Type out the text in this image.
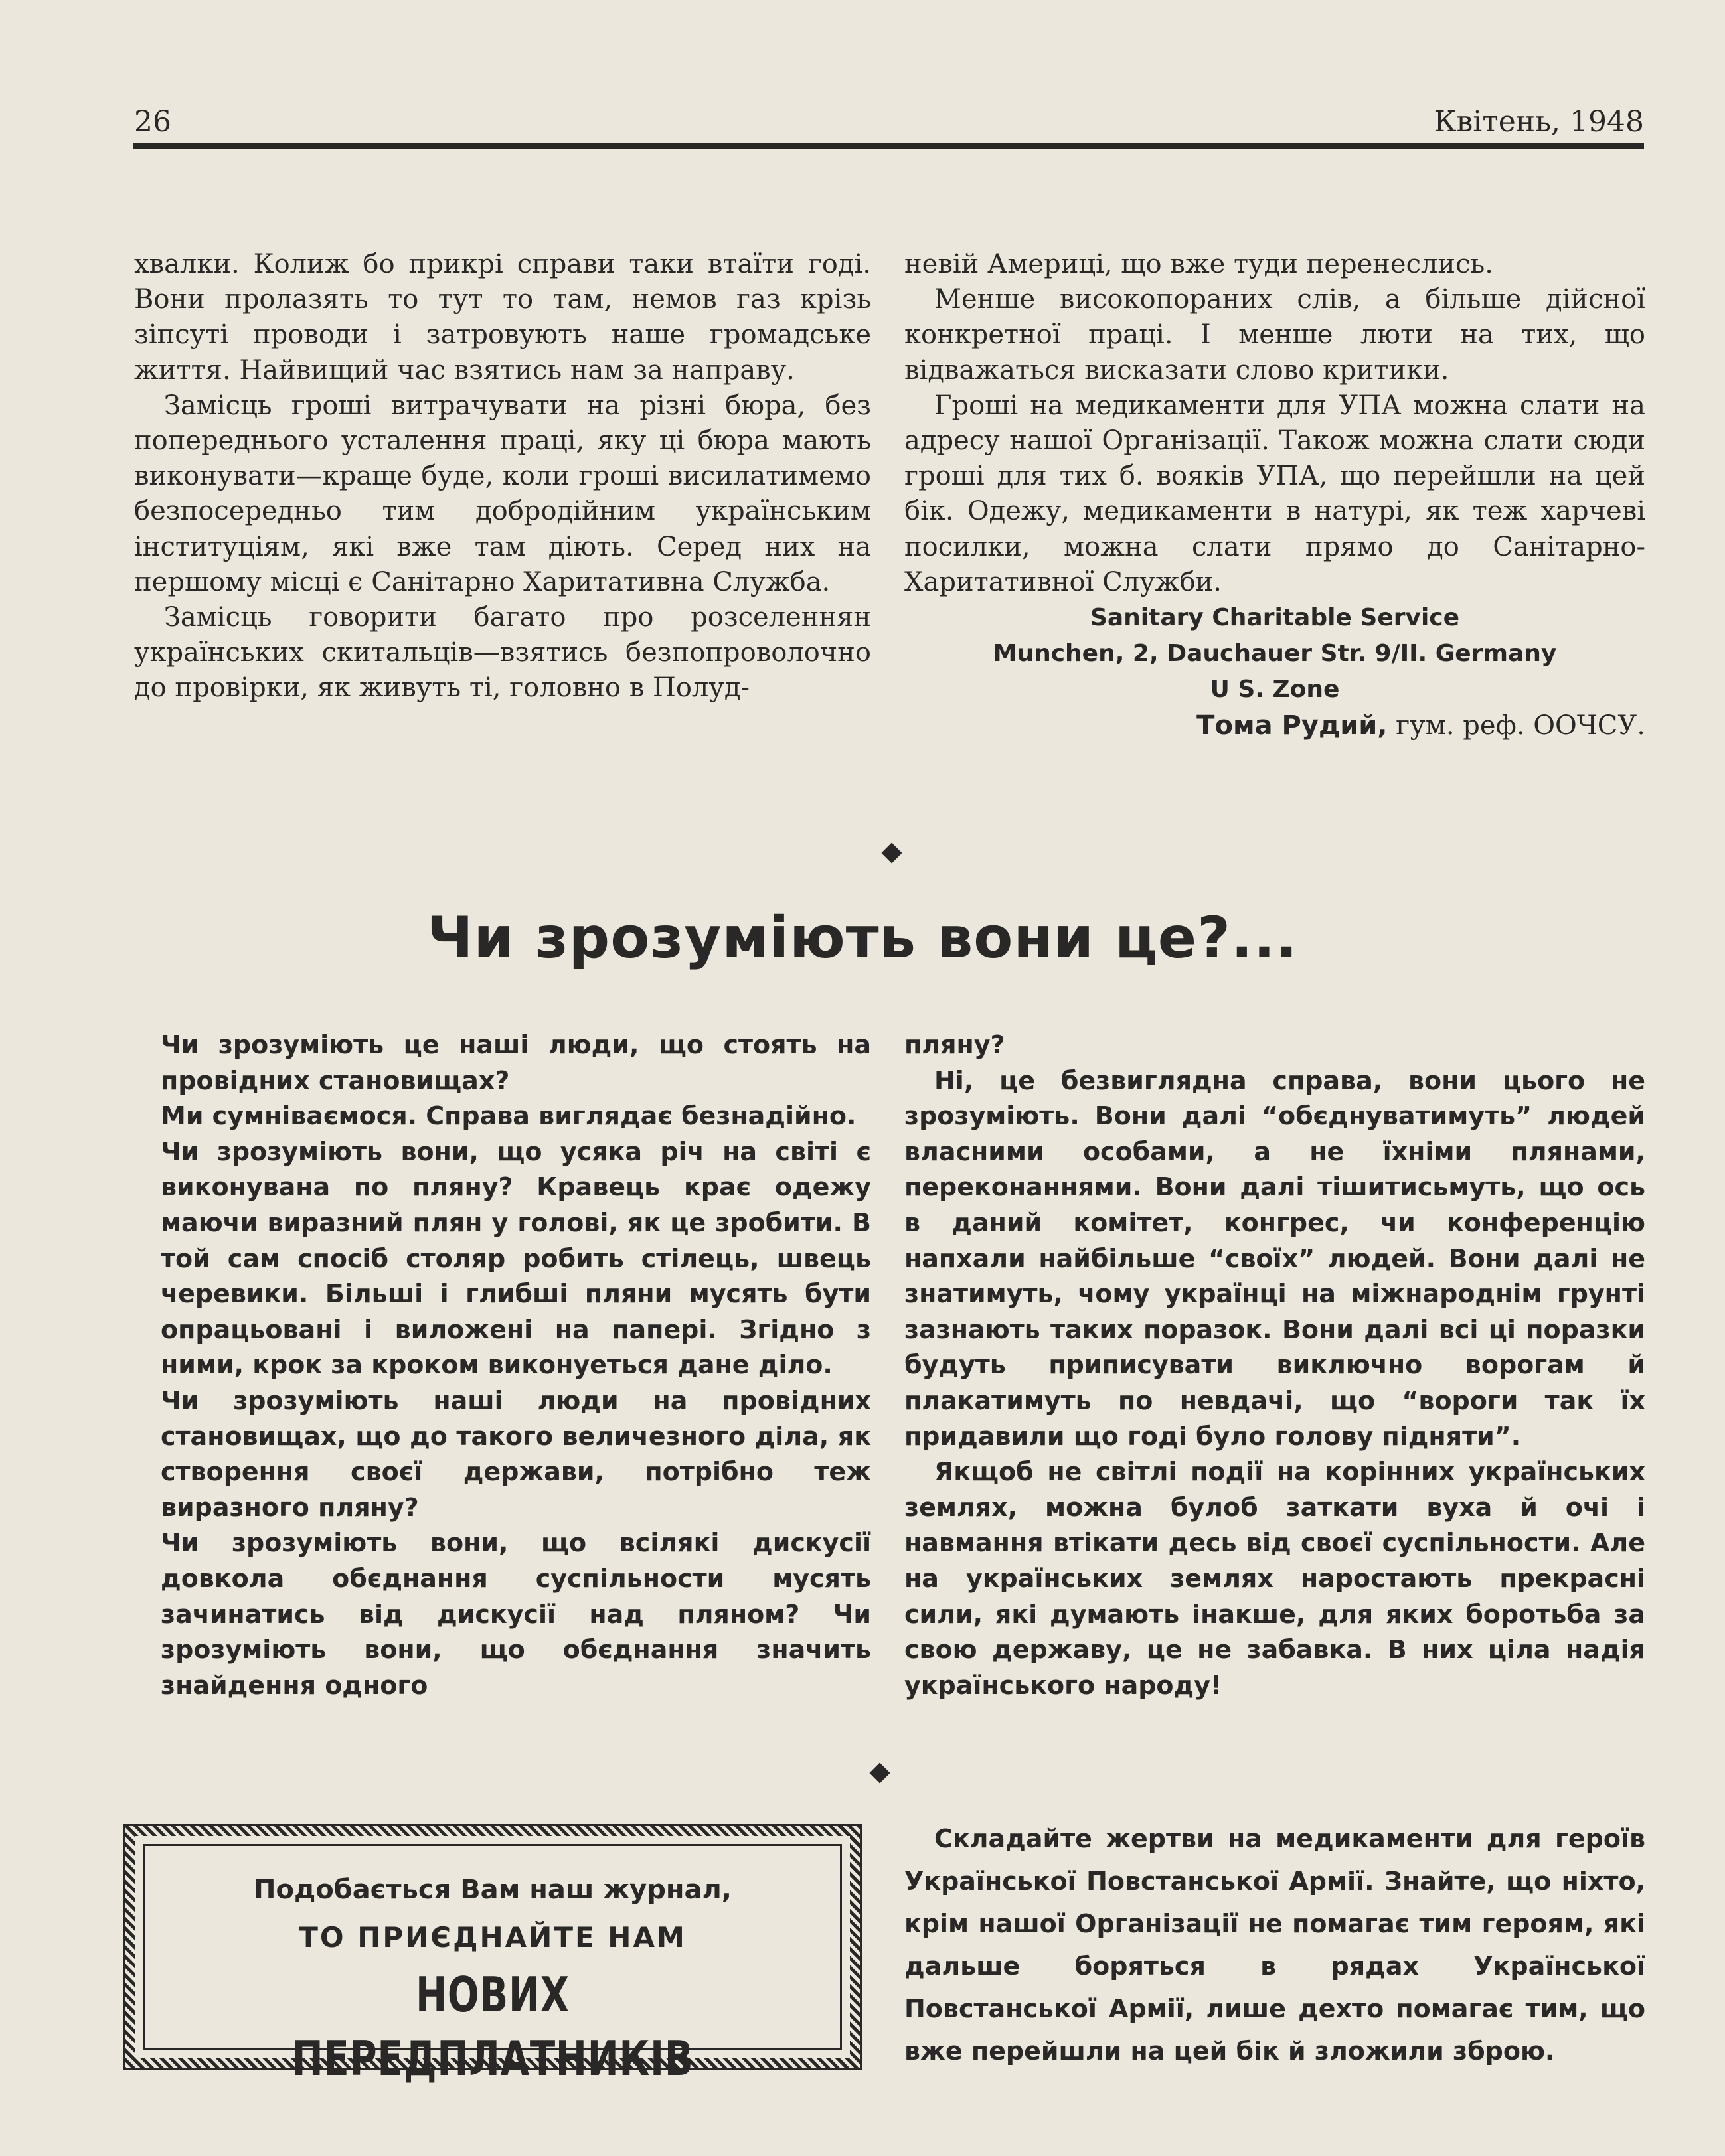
26	Квітень, 1948

хвалки. Колиж бо прикрі справи таки втаїти годі. Вони пролазять то тут то там, немов газ крізь зіпсуті проводи і затровують наше громадське життя. Найвищий час взятись нам за направу.

Замісць гроші витрачувати на різні бюра, без попереднього усталення праці, яку ці бюра мають виконувати—краще буде, коли гроші висилатимемо безпосередньо тим добродійним українським інституціям, які вже там діють. Серед них на першому місці є Санітарно Харитативна Служба.

Замісць говорити багато про розселеннян українських скитальців—взятись безпопроволочно до провірки, як живуть ті, головно в Полуд-

невій Америці, що вже туди перенеслись.

Менше високопораних слів, а більше дійсної конкретної праці. І менше люти на тих, що відважаться висказати слово критики.

Гроші на медикаменти для УПА можна слати на адресу нашої Організації. Також можна слати сюди гроші для тих б. вояків УПА, що перейшли на цей бік. Одежу, медикаменти в натурі, як теж харчеві посилки, можна слати прямо до Санітарно-Харитативної Служби.

Sanitary Charitable Service

Munchen, 2, Dauchauer Str. 9/II. Germany

U S. Zone

Тома Рудий, гум. реф. ООЧСУ.

Чи зрозуміють вони це?...

Чи зрозуміють це наші люди, що стоять на провідних становищах?

Ми сумніваємося. Справа виглядає безнадійно.

Чи зрозуміють вони, що усяка річ на світі є виконувана по пляну? Кравець крає одежу маючи виразний плян у голові, як це зробити. В той сам спосіб столяр робить стілець, швець черевики. Більші і глибші пляни мусять бути опрацьовані і виложені на папері. Згідно з ними, крок за кроком виконуеться дане діло.

Чи зрозуміють наші люди на провідних становищах, що до такого величезного діла, як створення своєї держави, потрібно теж виразного пляну?

Чи зрозуміють вони, що всілякі дискусії довкола обєднання суспільности мусять зачинатись від дискусії над пляном? Чи зрозуміють вони, що обєднання значить знайдення одного

пляну?

Ні, це безвиглядна справа, вони цього не зрозуміють. Вони далі “обєднуватимуть” людей власними особами, а не їхніми плянами, переконаннями. Вони далі тішитисьмуть, що ось в даний комітет, конгрес, чи конференцію напхали найбільше “своїх” людей. Вони далі не знатимуть, чому українці на міжнароднім грунті зазнають таких поразок. Вони далі всі ці поразки будуть приписувати виключно ворогам й плакатимуть по невдачі, що “вороги так їх придавили що годі було голову підняти”.

Якщоб не світлі події на корінних українських землях, можна булоб заткати вуха й очі і навмання втікати десь від своєї суспільности. Але на українських землях наростають прекрасні сили, які думають інакше, для яких боротьба за свою державу, це не забавка. В них ціла надія українського народу!

Подобається Вам наш журнал,

ТО ПРИЄДНАЙТЕ НАМ

НОВИХ ПЕРЕДПЛАТНИКІВ

Складайте жертви на медикаменти для героїв Української Повстанської Армії. Знайте, що ніхто, крім нашої Організації не помагає тим героям, які дальше боряться в рядах Української Повстанської Армії, лише дехто помагає тим, що вже перейшли на цей бік й зложили зброю.
